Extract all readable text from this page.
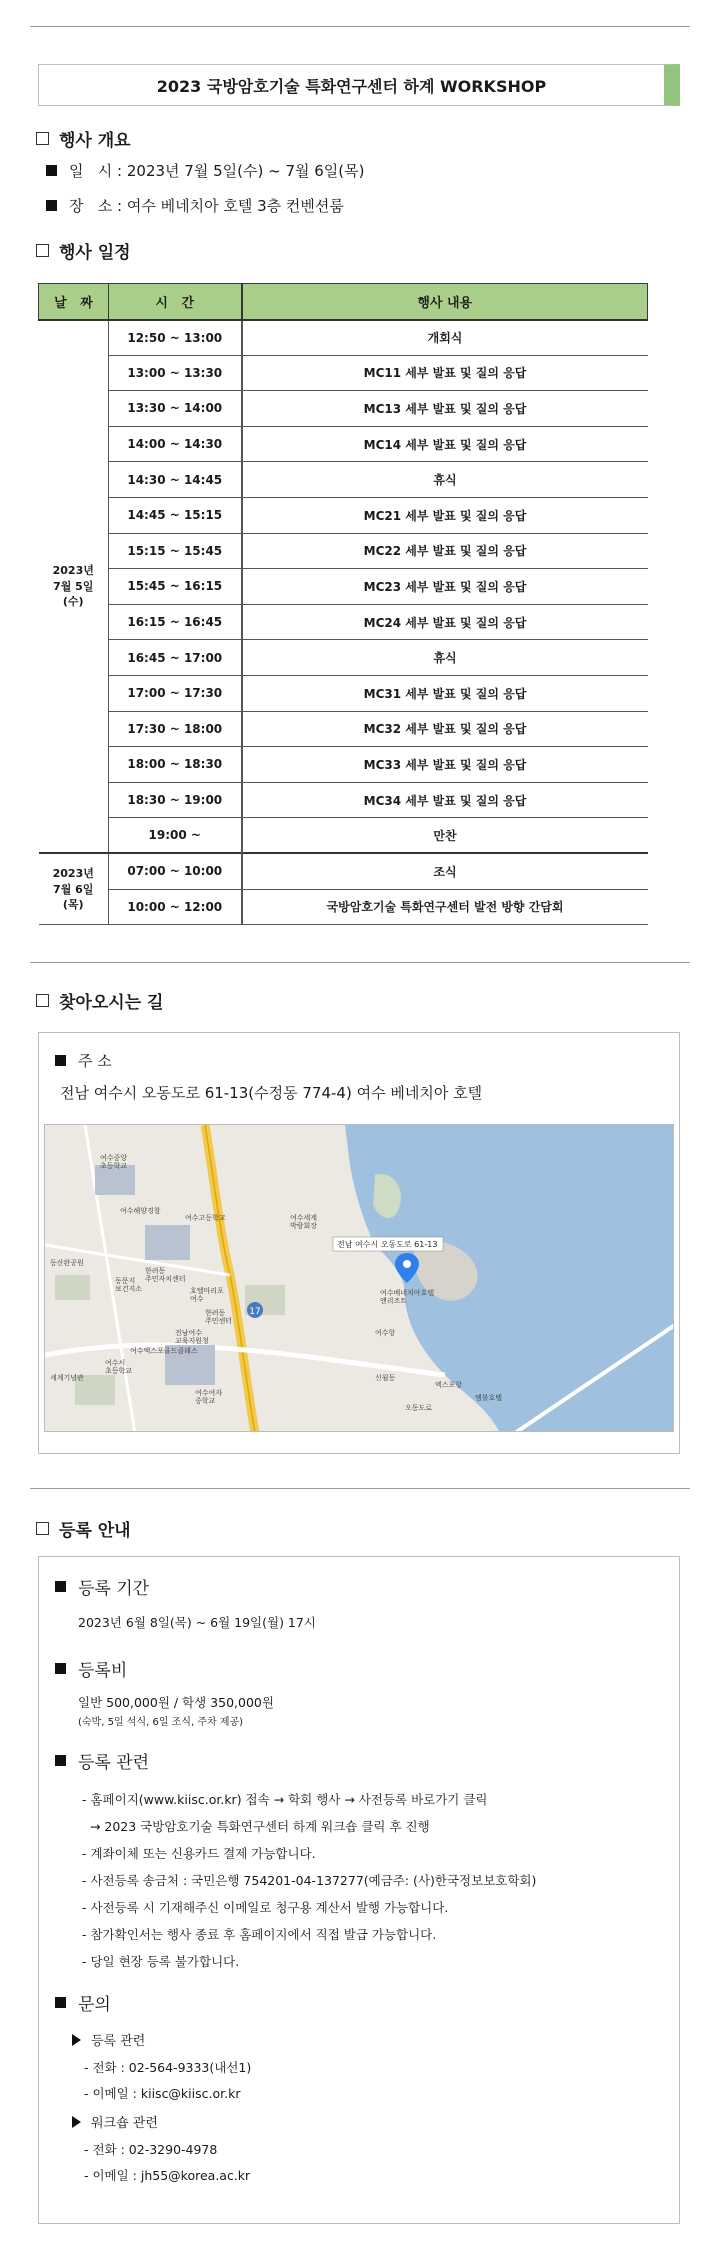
2023 국방암호기술 특화연구센터 하계 WORKSHOP
행사 개요
일   시 : 2023년 7월 5일(수) ~ 7월 6일(목)
장   소 : 여수 베네치아 호텔 3층 컨벤션룸
행사 일정
날   짜	시   간	행사 내용
2023년
7월 5일
(수)	12:50 ~ 13:00	개회식
	13:00 ~ 13:30	MC11 세부 발표 및 질의 응답
	13:30 ~ 14:00	MC13 세부 발표 및 질의 응답
	14:00 ~ 14:30	MC14 세부 발표 및 질의 응답
	14:30 ~ 14:45	휴식
	14:45 ~ 15:15	MC21 세부 발표 및 질의 응답
	15:15 ~ 15:45	MC22 세부 발표 및 질의 응답
	15:45 ~ 16:15	MC23 세부 발표 및 질의 응답
	16:15 ~ 16:45	MC24 세부 발표 및 질의 응답
	16:45 ~ 17:00	휴식
	17:00 ~ 17:30	MC31 세부 발표 및 질의 응답
	17:30 ~ 18:00	MC32 세부 발표 및 질의 응답
	18:00 ~ 18:30	MC33 세부 발표 및 질의 응답
	18:30 ~ 19:00	MC34 세부 발표 및 질의 응답
	19:00 ~	만찬
2023년
7월 6일
(목)	07:00 ~ 10:00	조식
	10:00 ~ 12:00	국방암호기술 특화연구센터 발전 방향 간담회
찾아오시는 길
주 소
전남 여수시 오동도로 61-13(수정동 774-4) 여수 베네치아 호텔
17
전남 여수시 오동도로 61-13
여수베네치아호텔 앤리조트
여수중앙 초등학교
여수고등학교
여수해양경찰
한려동 주민자치센터
동산완공원
동문지 보건지소	호텔마리포 여수
한려동 주민센터
여수세계 박람회장
여수서 초등학교
여수여자 중학교
전남여수 교육지원청
오동도로
엑스포항
엠블호텔
여수항
세계기념관	신월동
여수엑스포골드클래스
등록 안내
등록 기간
2023년 6월 8일(목) ~ 6월 19일(월) 17시
등록비
일반 500,000원 / 학생 350,000원
(숙박, 5일 석식, 6일 조식, 주차 제공)
등록 관련
- 홈페이지(www.kiisc.or.kr) 접속 → 학회 행사 → 사전등록 바로가기 클릭
→ 2023 국방암호기술 특화연구센터 하계 워크숍 클릭 후 진행
- 계좌이체 또는 신용카드 결제 가능합니다.
- 사전등록 송금처 : 국민은행 754201-04-137277(예금주: (사)한국정보보호학회)
- 사전등록 시 기재해주신 이메일로 청구용 계산서 발행 가능합니다.
- 참가확인서는 행사 종료 후 홈페이지에서 직접 발급 가능합니다.
- 당일 현장 등록 불가합니다.
문의
등록 관련
- 전화 : 02-564-9333(내선1)
- 이메일 : kiisc@kiisc.or.kr
워크숍 관련
- 전화 : 02-3290-4978
- 이메일 : jh55@korea.ac.kr
